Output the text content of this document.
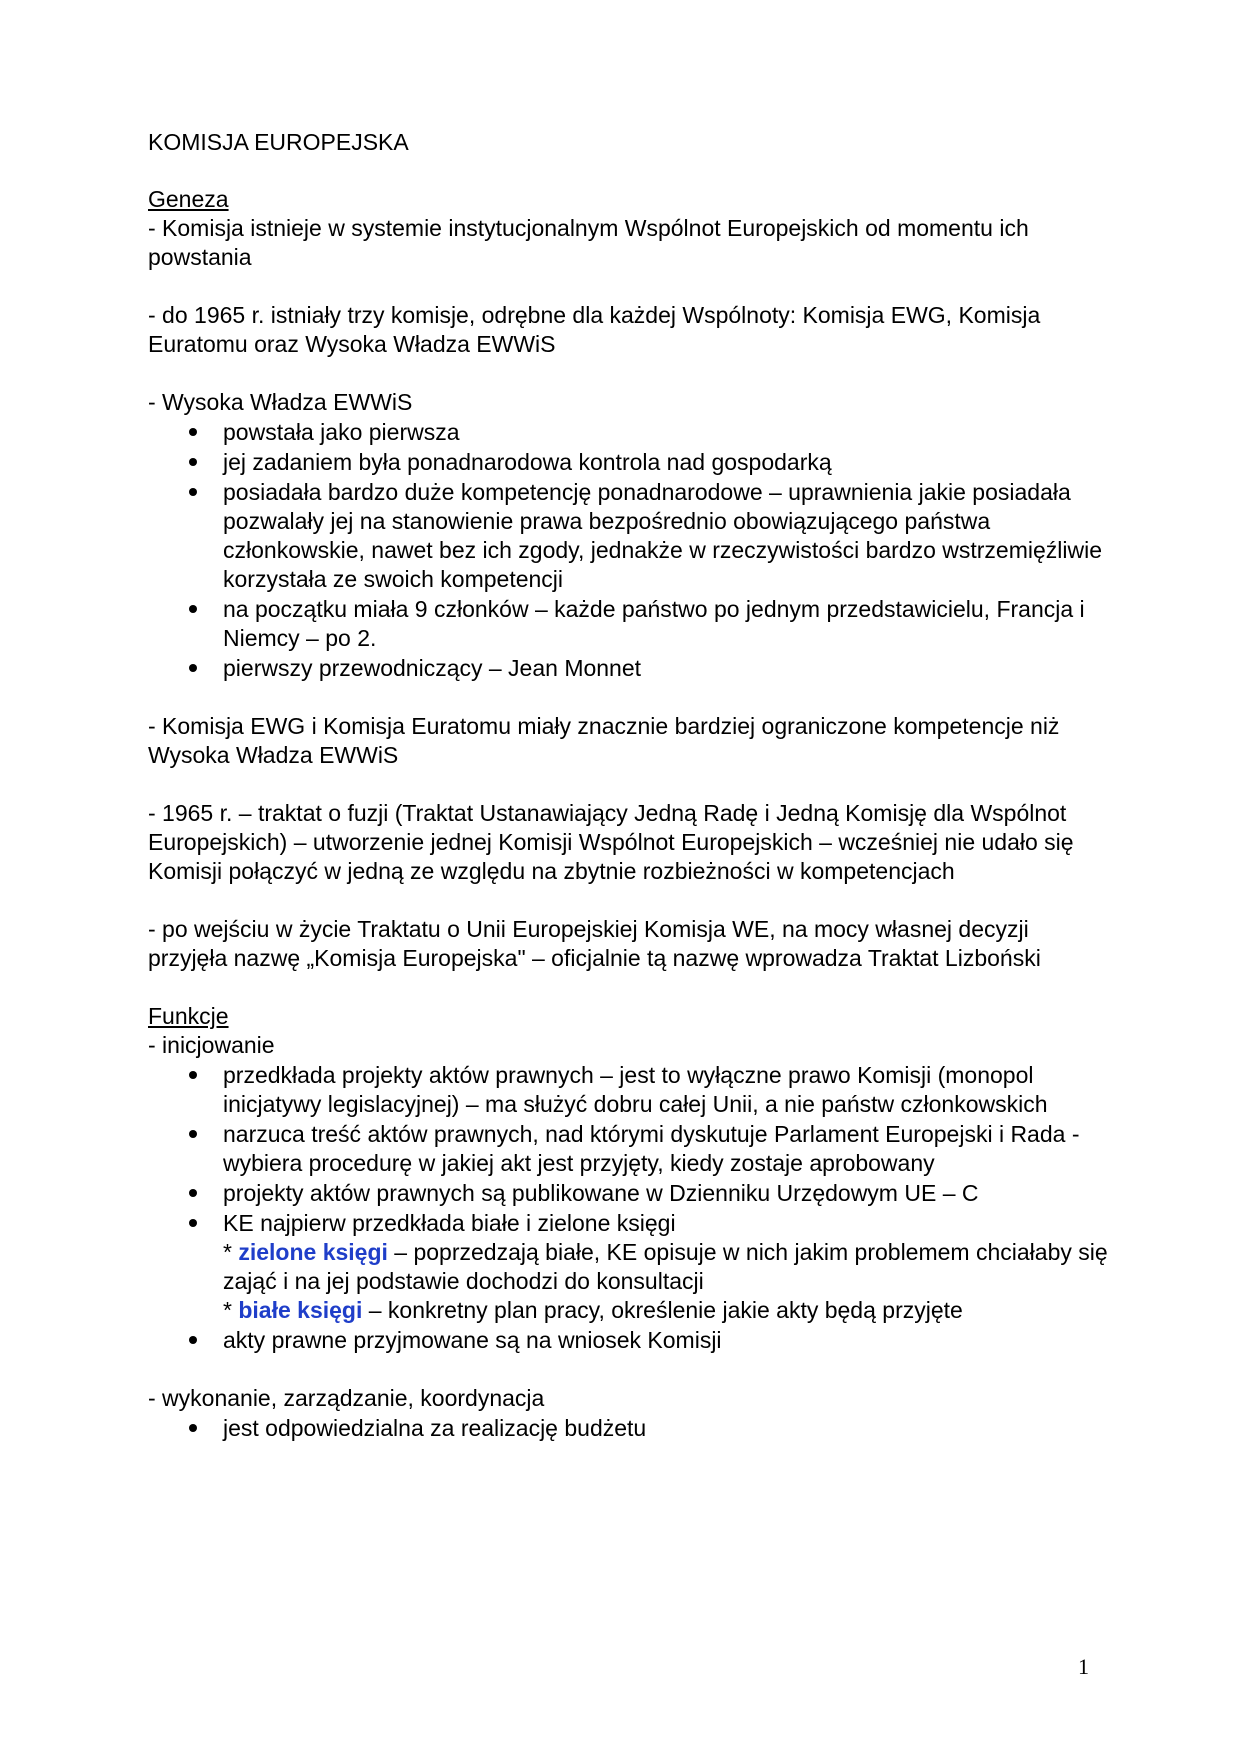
KOMISJA EUROPEJSKA

Geneza

- Komisja istnieje w systemie instytucjonalnym Wspólnot Europejskich od momentu ich powstania

- do 1965 r. istniały trzy komisje, odrębne dla każdej Wspólnoty: Komisja EWG, Komisja Euratomu oraz Wysoka Władza EWWiS

- Wysoka Władza EWWiS

powstała jako pierwsza
jej zadaniem była ponadnarodowa kontrola nad gospodarką
posiadała bardzo duże kompetencję ponadnarodowe – uprawnienia jakie posiadała pozwalały jej na stanowienie prawa bezpośrednio obowiązującego państwa członkowskie, nawet bez ich zgody, jednakże w rzeczywistości bardzo wstrzemięźliwie korzystała ze swoich kompetencji
na początku miała 9 członków – każde państwo po jednym przedstawicielu, Francja i Niemcy – po 2.
pierwszy przewodniczący – Jean Monnet

- Komisja EWG i Komisja Euratomu miały znacznie bardziej ograniczone kompetencje niż Wysoka Władza EWWiS

- 1965 r. – traktat o fuzji (Traktat Ustanawiający Jedną Radę i Jedną Komisję dla Wspólnot Europejskich) – utworzenie jednej Komisji Wspólnot Europejskich – wcześniej nie udało się Komisji połączyć w jedną ze względu na zbytnie rozbieżności w kompetencjach

- po wejściu w życie Traktatu o Unii Europejskiej Komisja WE, na mocy własnej decyzji przyjęła nazwę „Komisja Europejska" – oficjalnie tą nazwę wprowadza Traktat Lizboński

Funkcje

- inicjowanie

przedkłada projekty aktów prawnych – jest to wyłączne prawo Komisji (monopol inicjatywy legislacyjnej) – ma służyć dobru całej Unii, a nie państw członkowskich
narzuca treść aktów prawnych, nad którymi dyskutuje Parlament Europejski i Rada - wybiera procedurę w jakiej akt jest przyjęty, kiedy zostaje aprobowany
projekty aktów prawnych są publikowane w Dzienniku Urzędowym UE – C
KE najpierw przedkłada białe i zielone księgi
* zielone księgi – poprzedzają białe, KE opisuje w nich jakim problemem chciałaby się zająć i na jej podstawie dochodzi do konsultacji
* białe księgi – konkretny plan pracy, określenie jakie akty będą przyjęte
akty prawne przyjmowane są na wniosek Komisji

- wykonanie, zarządzanie, koordynacja

jest odpowiedzialna za realizację budżetu
1
